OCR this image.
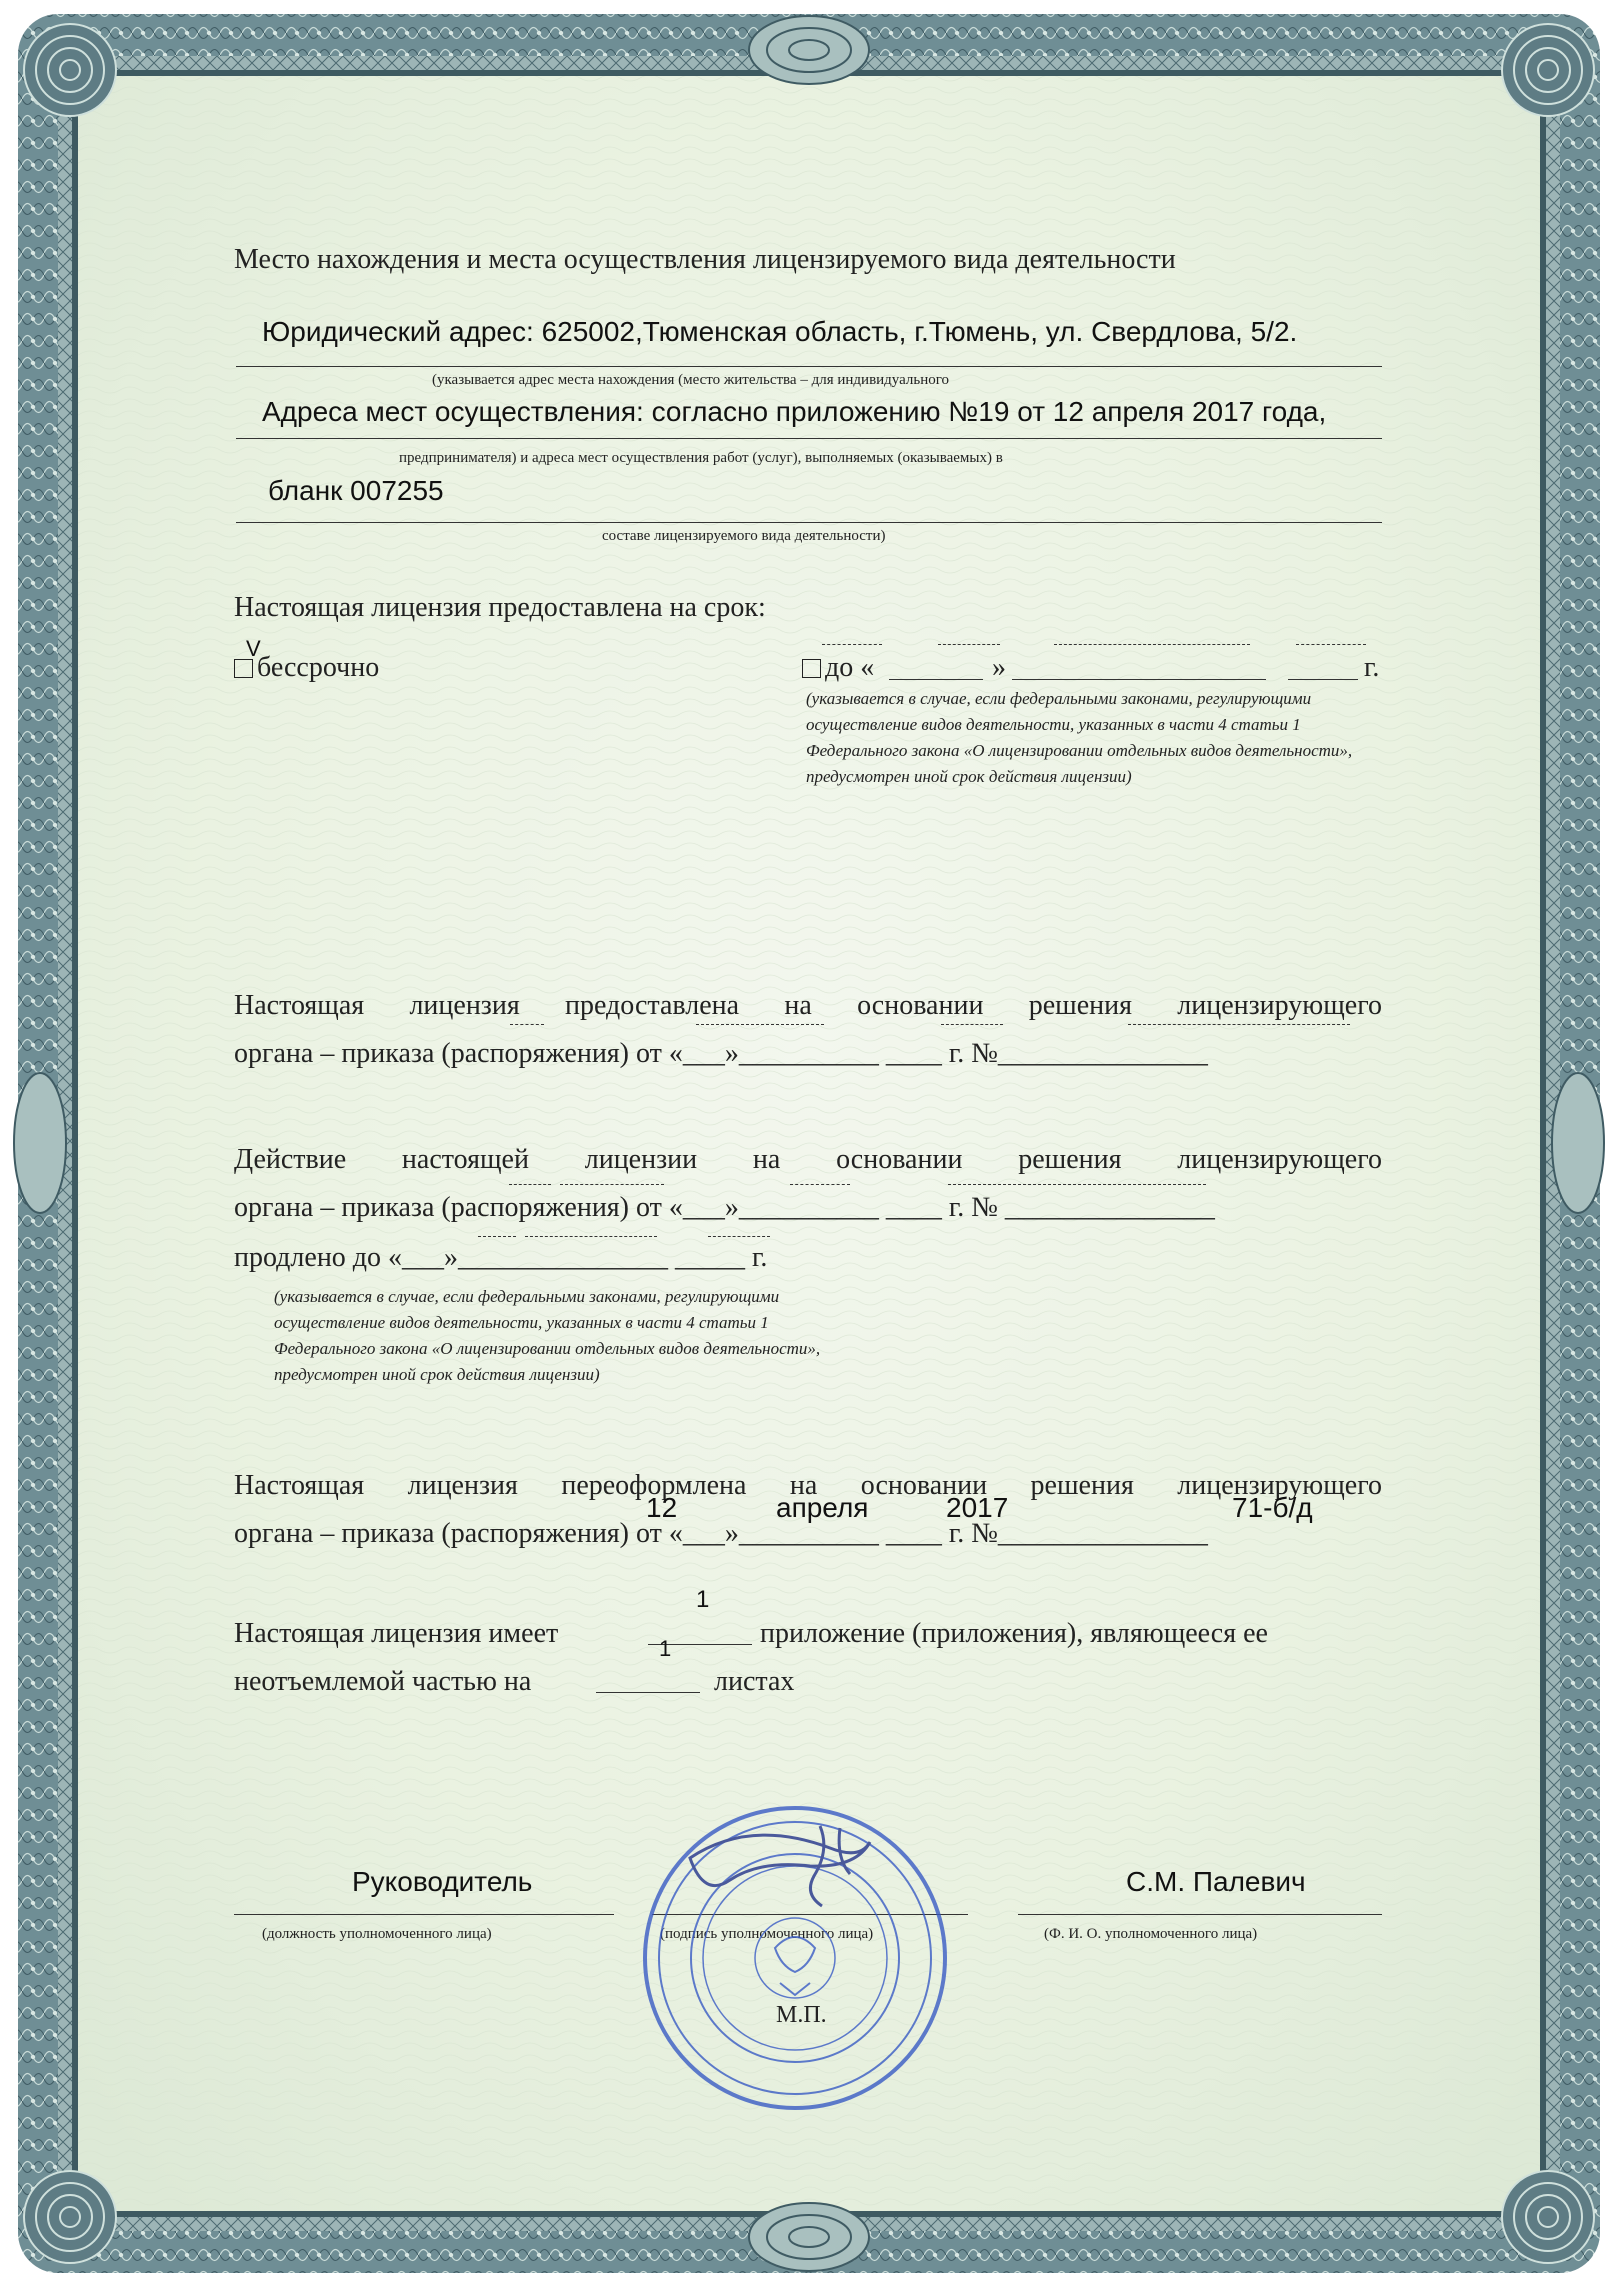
Место нахождения и места осуществления лицензируемого вида деятельности
Юридический адрес: 625002,Тюменская область, г.Тюмень, ул. Свердлова, 5/2.
(указывается адрес места нахождения (место жительства – для индивидуального
Адреса мест осуществления: согласно приложению №19 от 12 апреля 2017 года,
предпринимателя) и адреса мест осуществления работ (услуг), выполняемых (оказываемых) в
бланк 007255
составе лицензируемого вида деятельности)
Настоящая лицензия предоставлена на срок:
V
бессрочно	до «	»	г.
(указывается в случае, если федеральными законами, регулирующими осуществление видов деятельности, указанных в части 4 статьи 1 Федерального закона «О лицензировании отдельных видов деятельности», предусмотрен иной срок действия лицензии)
Настоящая лицензия предоставлена на основании решения лицензирующего
органа – приказа (распоряжения) от «___»__________ ____ г. №_______________
Действие настоящей лицензии на основании решения лицензирующего
органа – приказа (распоряжения) от «___»__________ ____ г. № _______________
продлено до «___»_______________ _____ г.
(указывается в случае, если федеральными законами, регулирующими осуществление видов деятельности, указанных в части 4 статьи 1 Федерального закона «О лицензировании отдельных видов деятельности», предусмотрен иной срок действия лицензии)
Настоящая лицензия переоформлена на основании решения лицензирующего
12	апреля	2017	71-б/д
органа – приказа (распоряжения) от «___»__________ ____ г. №_______________
1
Настоящая лицензия имеет	приложение (приложения), являющееся ее
1
неотъемлемой частью на	листах
Руководитель	С.М. Палевич
(должность уполномоченного лица)	(подпись уполномоченного лица)	(Ф. И. О. уполномоченного лица)
М.П.
